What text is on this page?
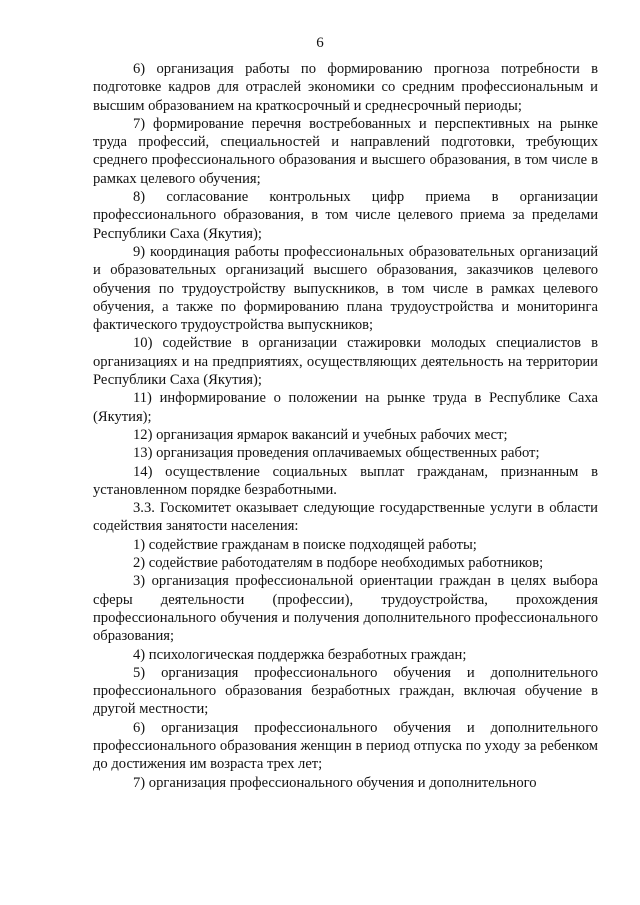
6

6) организация работы по формированию прогноза потребности в подготовке кадров для отраслей экономики со средним профессиональным и высшим образованием на краткосрочный и среднесрочный периоды;

7) формирование перечня востребованных и перспективных на рынке труда профессий, специальностей и направлений подготовки, требующих среднего профессионального образования и высшего образования, в том числе в рамках целевого обучения;

8) согласование контрольных цифр приема в организации профессионального образования, в том числе целевого приема за пределами Республики Саха (Якутия);

9) координация работы профессиональных образовательных организаций и образовательных организаций высшего образования, заказчиков целевого обучения по трудоустройству выпускников, в том числе в рамках целевого обучения, а также по формированию плана трудоустройства и мониторинга фактического трудоустройства выпускников;

10) содействие в организации стажировки молодых специалистов в организациях и на предприятиях, осуществляющих деятельность на территории Республики Саха (Якутия);

11) информирование о положении на рынке труда в Республике Саха (Якутия);

12) организация ярмарок вакансий и учебных рабочих мест;

13) организация проведения оплачиваемых общественных работ;

14) осуществление социальных выплат гражданам, признанным в установленном порядке безработными.

3.3. Госкомитет оказывает следующие государственные услуги в области содействия занятости населения:

1) содействие гражданам в поиске подходящей работы;

2) содействие работодателям в подборе необходимых работников;

3) организация профессиональной ориентации граждан в целях выбора сферы деятельности (профессии), трудоустройства, прохождения профессионального обучения и получения дополнительного профессионального образования;

4) психологическая поддержка безработных граждан;

5) организация профессионального обучения и дополнительного профессионального образования безработных граждан, включая обучение в другой местности;

6) организация профессионального обучения и дополнительного профессионального образования женщин в период отпуска по уходу за ребенком до достижения им возраста трех лет;

7) организация профессионального обучения и дополнительного
